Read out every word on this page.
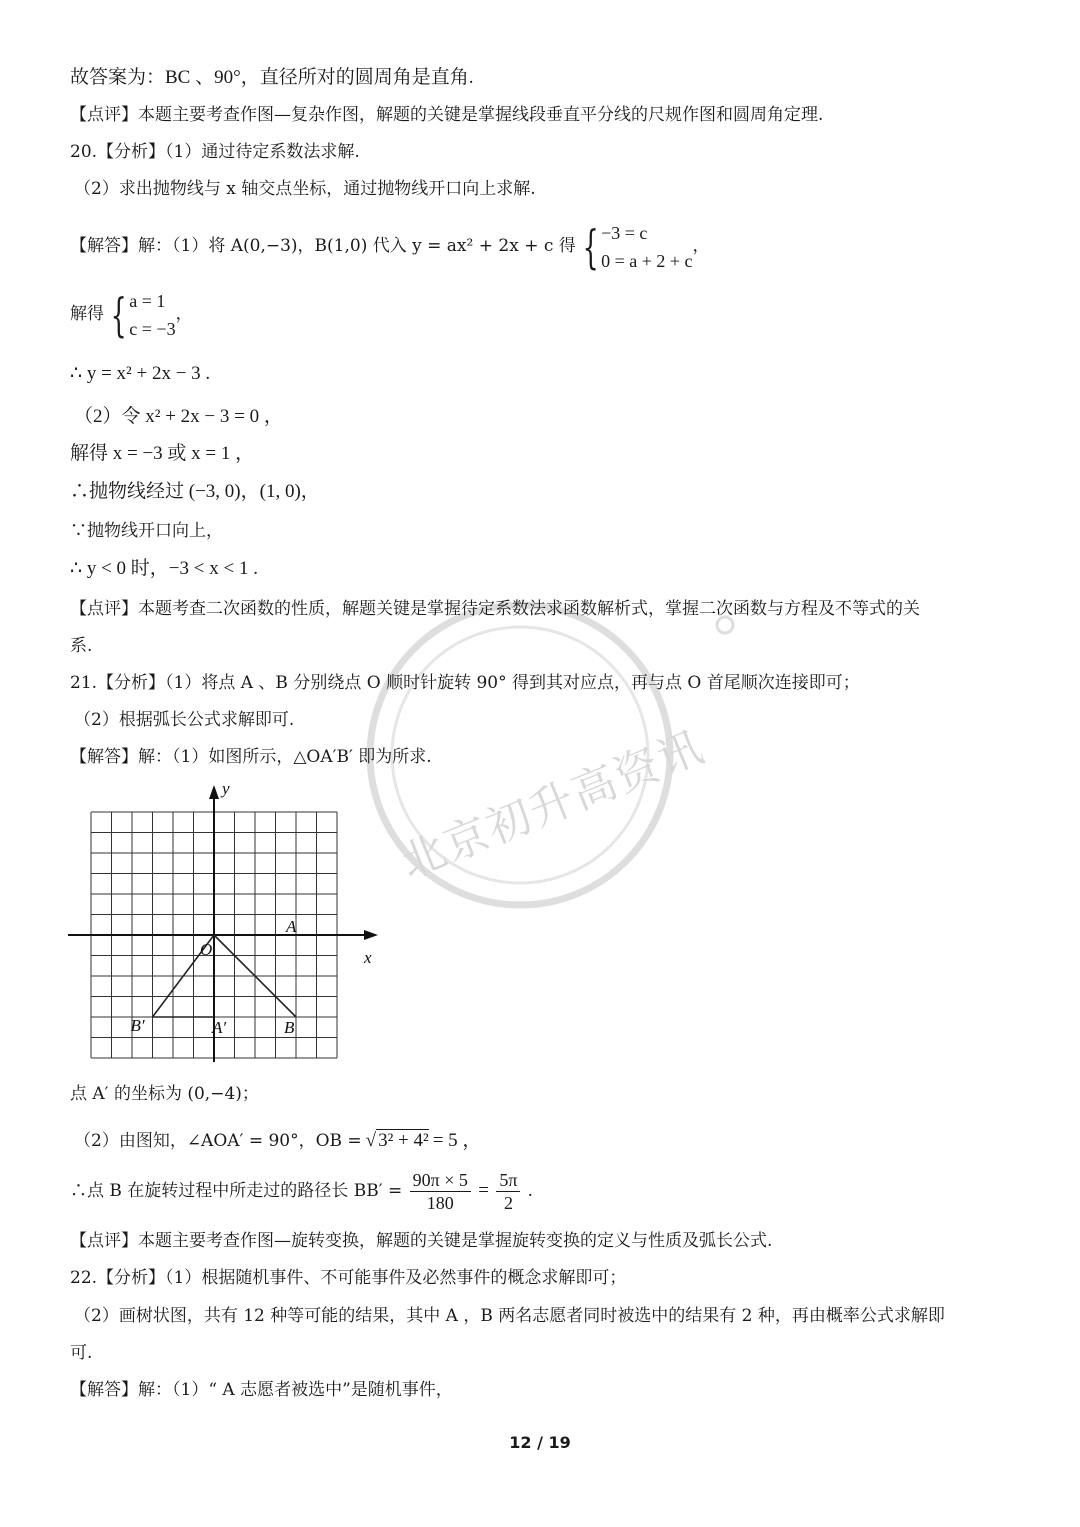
北京初升高资讯
故答案为：BC 、90°，直径所对的圆周角是直角.
【点评】本题主要考查作图—复杂作图，解题的关键是掌握线段垂直平分线的尺规作图和圆周角定理.
20.【分析】（1）通过待定系数法求解.
（2）求出抛物线与 x 轴交点坐标，通过抛物线开口向上求解.
【解答】解：（1）将 A(0,−3)，B(1,0) 代入 y = ax² + 2x + c 得 { −3 = c
0 = a + 2 + c
，
解得 { a = 1
c = −3
，
∴ y = x² + 2x − 3 .
（2）令 x² + 2x − 3 = 0 ，
解得 x = −3 或 x = 1 ，
∴抛物线经过 (−3, 0)，(1, 0)，
∵抛物线开口向上，
∴ y < 0 时，−3 < x < 1 .
【点评】本题考查二次函数的性质，解题关键是掌握待定系数法求函数解析式，掌握二次函数与方程及不等式的关
系.
21.【分析】（1）将点 A 、B 分别绕点 O 顺时针旋转 90° 得到其对应点，再与点 O 首尾顺次连接即可；
（2）根据弧长公式求解即可.
【解答】解：（1）如图所示，△OA′B′ 即为所求.
y
x
O
A
B
A′
B′
点 A′ 的坐标为 (0,−4)；
（2）由图知，∠AOA′ = 90°，OB = √ 3² + 4² = 5 ，
∴点 B 在旋转过程中所走过的路径长 $BB' = \frac{90\pi \times 5}{180} = \frac{5\pi}{2}$ .
【点评】本题主要考查作图—旋转变换，解题的关键是掌握旋转变换的定义与性质及弧长公式.
22.【分析】（1）根据随机事件、不可能事件及必然事件的概念求解即可；
（2）画树状图，共有 12 种等可能的结果，其中 A ，B 两名志愿者同时被选中的结果有 2 种，再由概率公式求解即
可.
【解答】解：（1）“ A 志愿者被选中”是随机事件，
12 / 19
